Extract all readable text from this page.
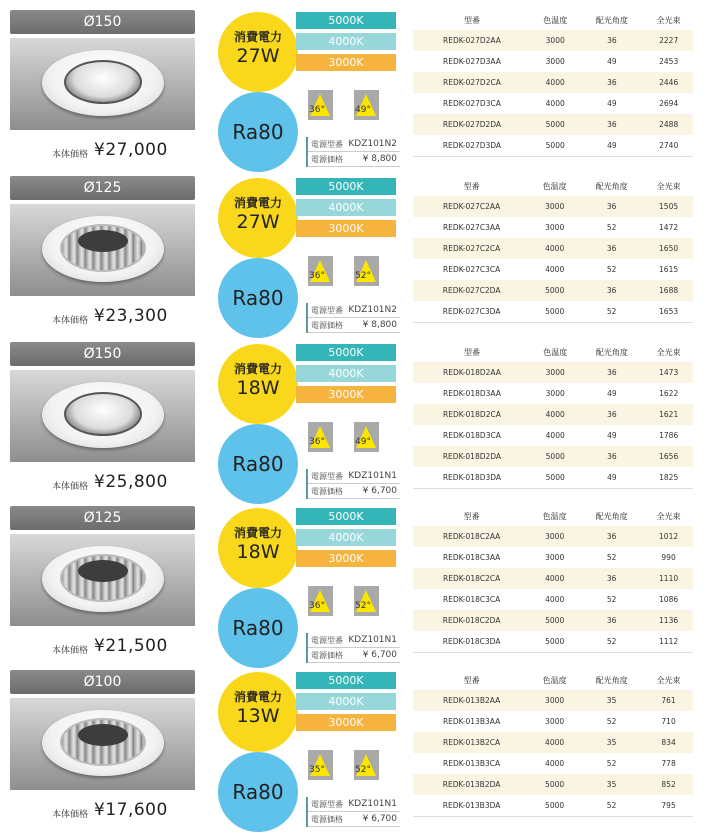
Ø150
本体価格 ¥27,000
消費電力
27W
Ra80
5000K
4000K
3000K
36°	49°
電源型番 KDZ101N2
電源価格 ¥ 8,800
型番	色温度	配光角度	全光束
REDK-027D2AA	3000	36	2227
REDK-027D3AA	3000	49	2453
REDK-027D2CA	4000	36	2446
REDK-027D3CA	4000	49	2694
REDK-027D2DA	5000	36	2488
REDK-027D3DA	5000	49	2740
Ø125
本体価格 ¥23,300
消費電力
27W
Ra80
5000K
4000K
3000K
36°	52°
電源型番 KDZ101N2
電源価格 ¥ 8,800
型番	色温度	配光角度	全光束
REDK-027C2AA	3000	36	1505
REDK-027C3AA	3000	52	1472
REDK-027C2CA	4000	36	1650
REDK-027C3CA	4000	52	1615
REDK-027C2DA	5000	36	1688
REDK-027C3DA	5000	52	1653
Ø150
本体価格 ¥25,800
消費電力
18W
Ra80
5000K
4000K
3000K
36°	49°
電源型番 KDZ101N1
電源価格 ¥ 6,700
型番	色温度	配光角度	全光束
REDK-018D2AA	3000	36	1473
REDK-018D3AA	3000	49	1622
REDK-018D2CA	4000	36	1621
REDK-018D3CA	4000	49	1786
REDK-018D2DA	5000	36	1656
REDK-018D3DA	5000	49	1825
Ø125
本体価格 ¥21,500
消費電力
18W
Ra80
5000K
4000K
3000K
36°	52°
電源型番 KDZ101N1
電源価格 ¥ 6,700
型番	色温度	配光角度	全光束
REDK-018C2AA	3000	36	1012
REDK-018C3AA	3000	52	990
REDK-018C2CA	4000	36	1110
REDK-018C3CA	4000	52	1086
REDK-018C2DA	5000	36	1136
REDK-018C3DA	5000	52	1112
Ø100
本体価格 ¥17,600
消費電力
13W
Ra80
5000K
4000K
3000K
35°	52°
電源型番 KDZ101N1
電源価格 ¥ 6,700
型番	色温度	配光角度	全光束
REDK-013B2AA	3000	35	761
REDK-013B3AA	3000	52	710
REDK-013B2CA	4000	35	834
REDK-013B3CA	4000	52	778
REDK-013B2DA	5000	35	852
REDK-013B3DA	5000	52	795
